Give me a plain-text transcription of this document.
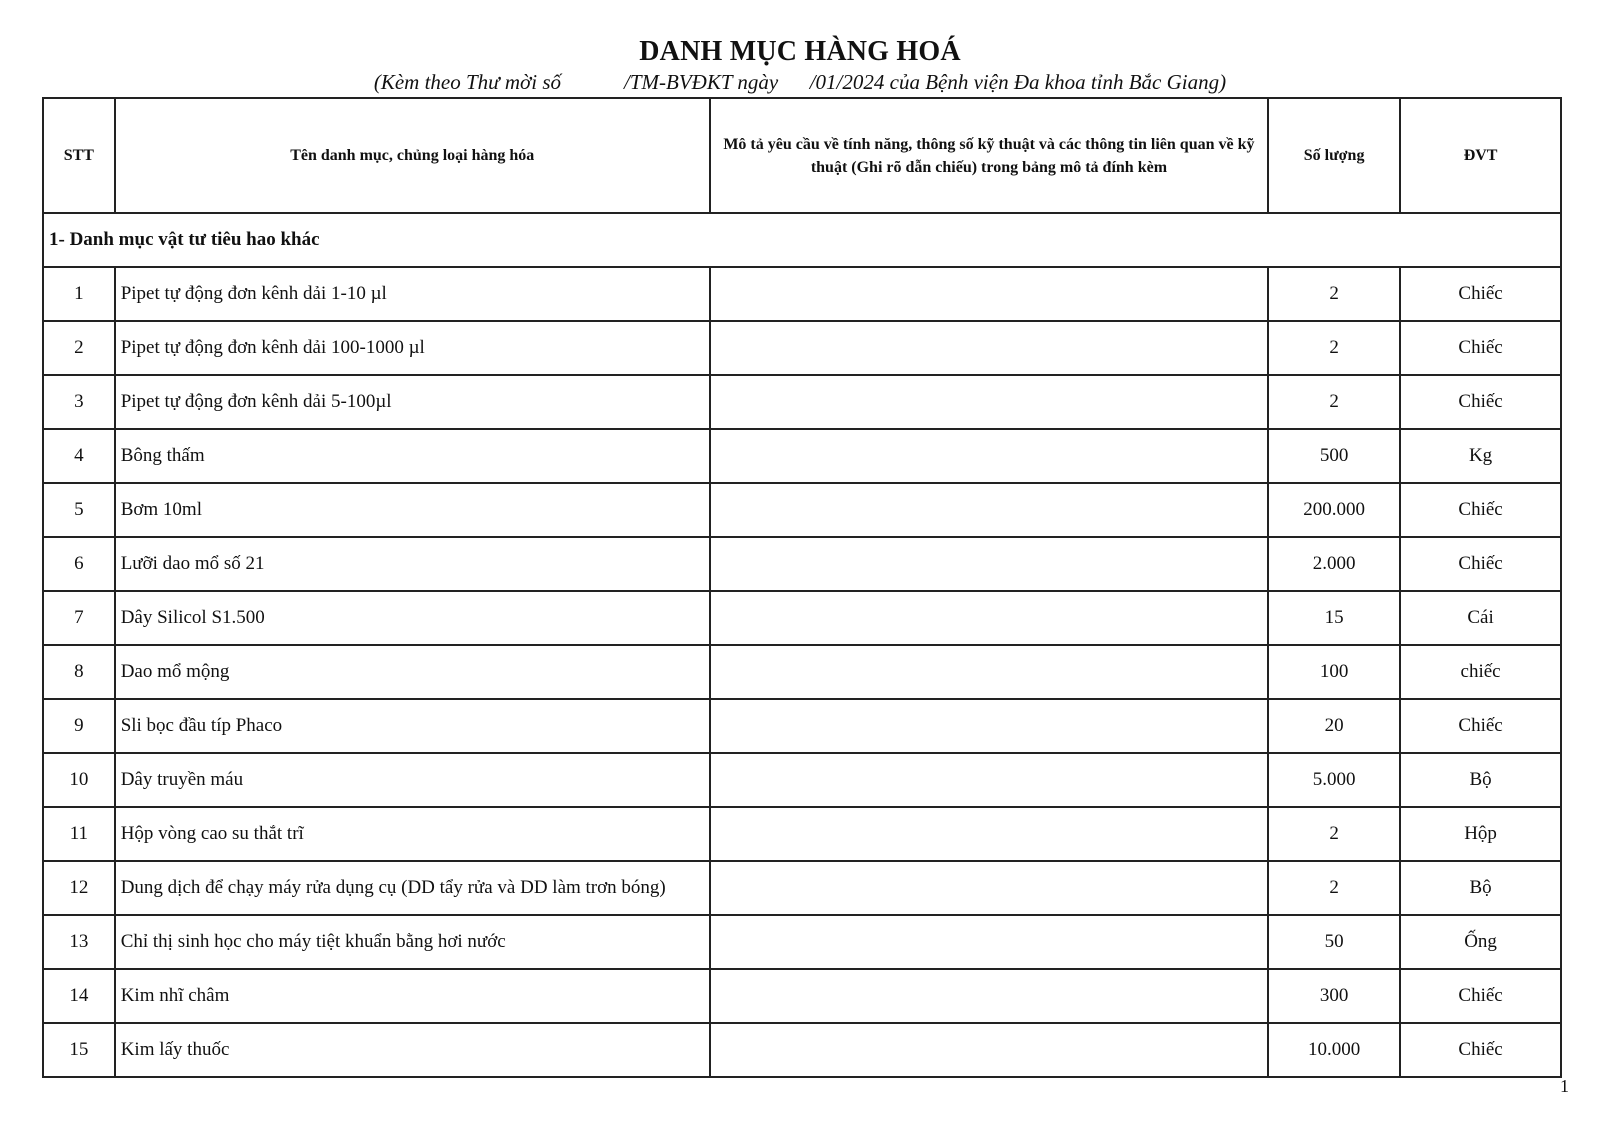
DANH MỤC HÀNG HOÁ
(Kèm theo Thư mời số            /TM-BVĐKT ngày      /01/2024 của Bệnh viện Đa khoa tỉnh Bắc Giang)
STT	Tên danh mục, chủng loại hàng hóa	Mô tả yêu cầu về tính năng, thông số kỹ thuật và các thông tin liên quan về kỹ thuật (Ghi rõ dẫn chiếu) trong bảng mô tả đính kèm	Số lượng	ĐVT
1- Danh mục vật tư tiêu hao khác				
1	Pipet tự động đơn kênh dải 1-10 µl		2	Chiếc
2	Pipet tự động đơn kênh dải 100-1000 µl		2	Chiếc
3	Pipet tự động đơn kênh dải 5-100µl		2	Chiếc
4	Bông thấm		500	Kg
5	Bơm 10ml		200.000	Chiếc
6	Lưỡi dao mổ số 21		2.000	Chiếc
7	Dây Silicol S1.500		15	Cái
8	Dao mổ mộng		100	chiếc
9	Sli bọc đầu típ Phaco		20	Chiếc
10	Dây truyền máu		5.000	Bộ
11	Hộp vòng cao su thắt trĩ		2	Hộp
12	Dung dịch để chạy máy rửa dụng cụ (DD tẩy rửa và DD làm trơn bóng)		2	Bộ
13	Chỉ thị sinh học cho máy tiệt khuẩn bằng hơi nước		50	Ống
14	Kim nhĩ châm		300	Chiếc
15	Kim lấy thuốc		10.000	Chiếc
1
